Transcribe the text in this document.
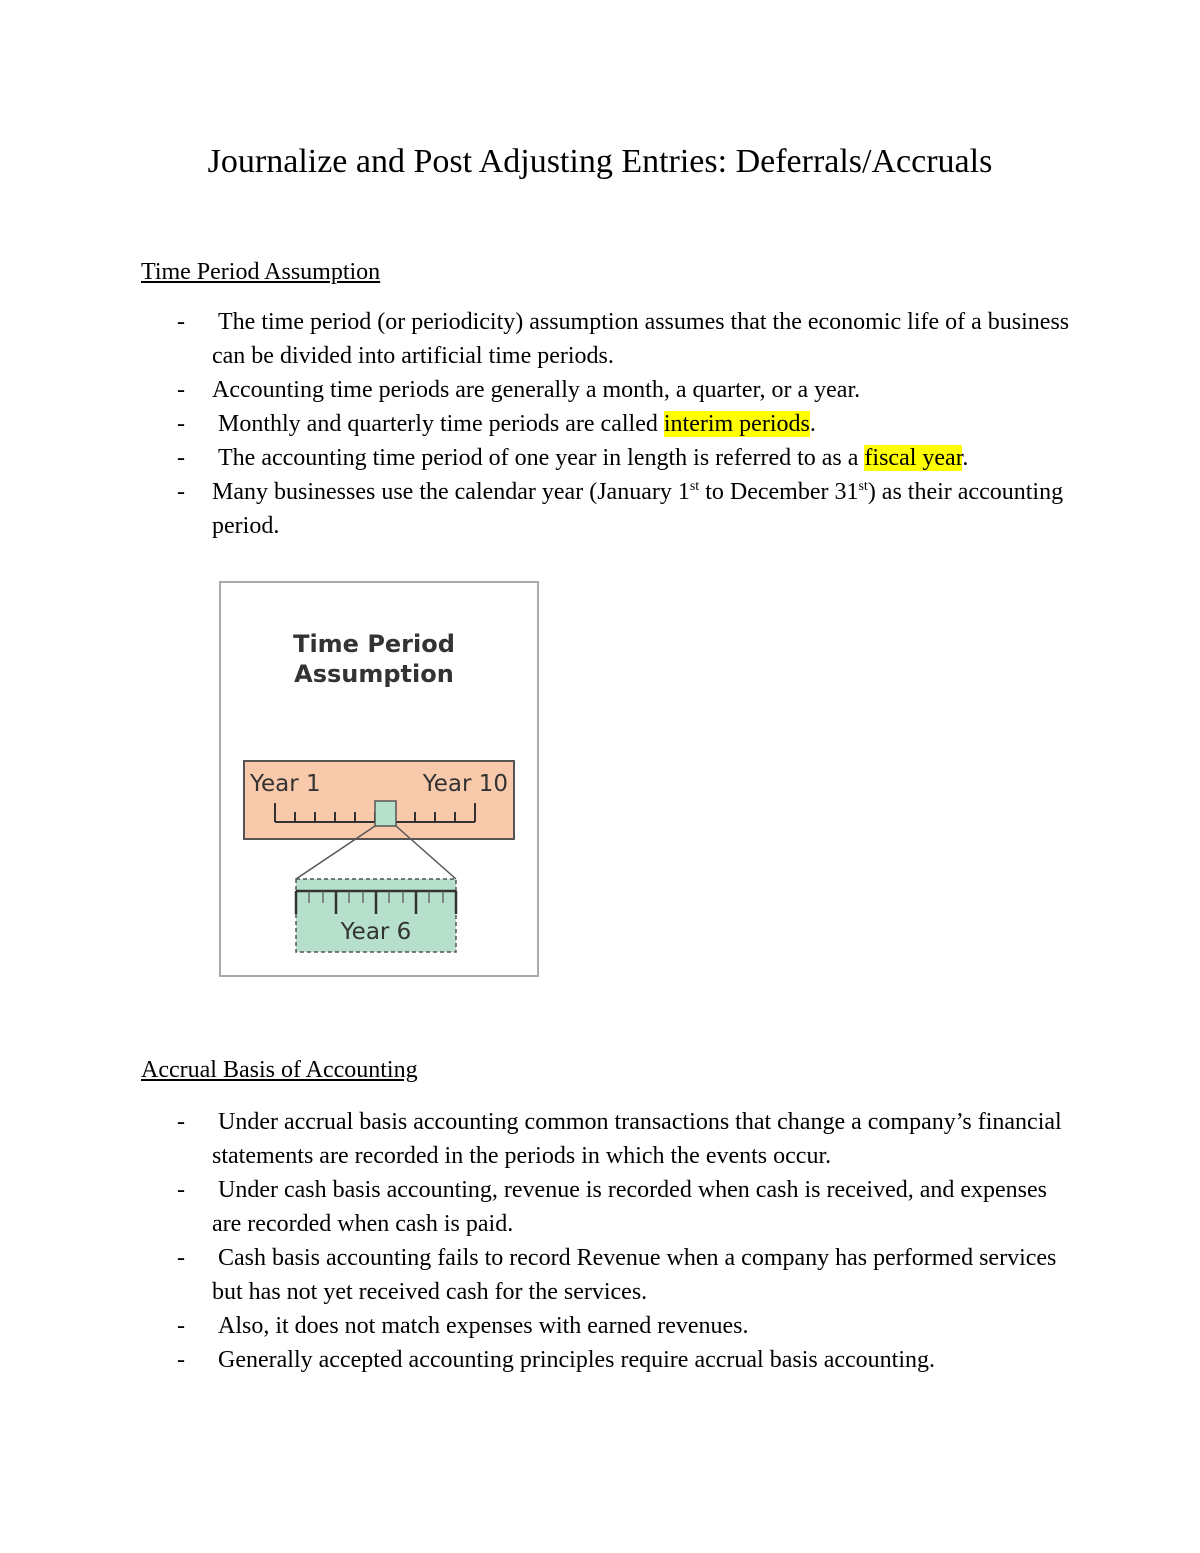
Journalize and Post Adjusting Entries: Deferrals/Accruals
Time Period Assumption
- The time period (or periodicity) assumption assumes that the economic life of a business can be divided into artificial time periods.
- Accounting time periods are generally a month, a quarter, or a year.
- Monthly and quarterly time periods are called interim periods.
- The accounting time period of one year in length is referred to as a fiscal year.
- Many businesses use the calendar year (January 1st to December 31st) as their accounting period.
Time Period
Assumption
Year 1	Year 10
Year 6
Accrual Basis of Accounting
- Under accrual basis accounting common transactions that change a company’s financial statements are recorded in the periods in which the events occur.
- Under cash basis accounting, revenue is recorded when cash is received, and expenses are recorded when cash is paid.
- Cash basis accounting fails to record Revenue when a company has performed services but has not yet received cash for the services.
- Also, it does not match expenses with earned revenues.
- Generally accepted accounting principles require accrual basis accounting.
